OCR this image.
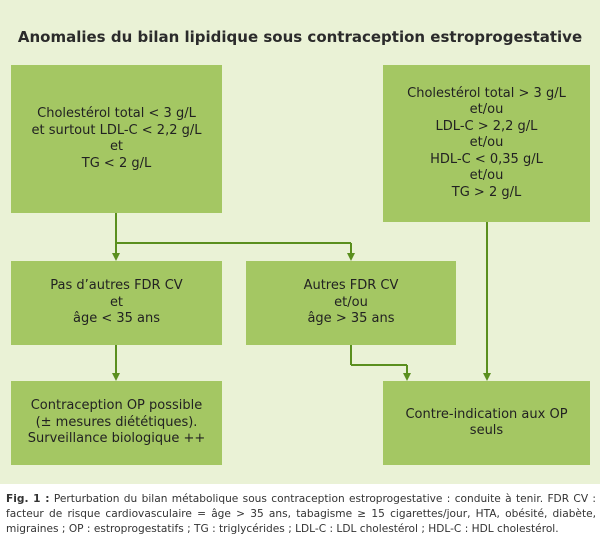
Anomalies du bilan lipidique sous contraception estroprogestative
Cholestérol total < 3 g/L
et surtout LDL-C < 2,2 g/L
et
TG < 2 g/L
Cholestérol total > 3 g/L
et/ou
LDL-C > 2,2 g/L
et/ou
HDL-C < 0,35 g/L
et/ou
TG > 2 g/L
Pas d’autres FDR CV
et
âge < 35 ans
Autres FDR CV
et/ou
âge > 35 ans
Contraception OP possible
(± mesures diététiques).
Surveillance biologique ++
Contre-indication aux OP
seuls
Fig. 1 : Perturbation du bilan métabolique sous contraception estroprogestative : conduite à tenir. FDR CV : facteur de risque cardiovasculaire = âge > 35 ans, tabagisme ≥ 15 cigarettes/jour, HTA, obésité, diabète, migraines ; OP : estroprogestatifs ; TG : triglycérides ; LDL-C : LDL cholestérol ; HDL-C : HDL cholestérol.
